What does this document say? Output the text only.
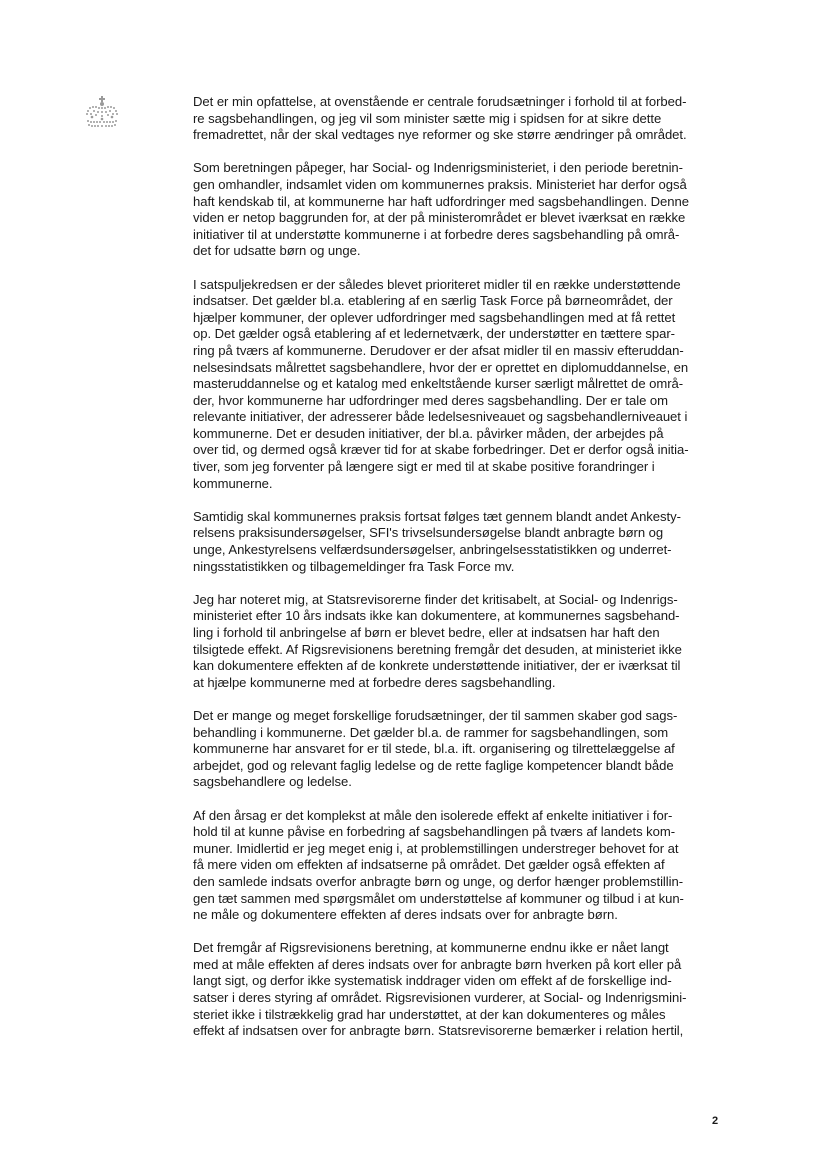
Det er min opfattelse, at ovenstående er centrale forudsætninger i forhold til at forbed-
re sagsbehandlingen, og jeg vil som minister sætte mig i spidsen for at sikre dette
fremadrettet, når der skal vedtages nye reformer og ske større ændringer på området.

Som beretningen påpeger, har Social- og Indenrigsministeriet, i den periode beretnin-
gen omhandler, indsamlet viden om kommunernes praksis. Ministeriet har derfor også
haft kendskab til, at kommunerne har haft udfordringer med sagsbehandlingen. Denne
viden er netop baggrunden for, at der på ministerområdet er blevet iværksat en række
initiativer til at understøtte kommunerne i at forbedre deres sagsbehandling på områ-
det for udsatte børn og unge.

I satspuljekredsen er der således blevet prioriteret midler til en række understøttende
indsatser. Det gælder bl.a. etablering af en særlig Task Force på børneområdet, der
hjælper kommuner, der oplever udfordringer med sagsbehandlingen med at få rettet
op. Det gælder også etablering af et ledernetværk, der understøtter en tættere spar-
ring på tværs af kommunerne. Derudover er der afsat midler til en massiv efteruddan-
nelsesindsats målrettet sagsbehandlere, hvor der er oprettet en diplomuddannelse, en
masteruddannelse og et katalog med enkeltstående kurser særligt målrettet de områ-
der, hvor kommunerne har udfordringer med deres sagsbehandling. Der er tale om
relevante initiativer, der adresserer både ledelsesniveauet og sagsbehandlerniveauet i
kommunerne. Det er desuden initiativer, der bl.a. påvirker måden, der arbejdes på
over tid, og dermed også kræver tid for at skabe forbedringer. Det er derfor også initia-
tiver, som jeg forventer på længere sigt er med til at skabe positive forandringer i
kommunerne.

Samtidig skal kommunernes praksis fortsat følges tæt gennem blandt andet Ankesty-
relsens praksisundersøgelser, SFI's trivselsundersøgelse blandt anbragte børn og
unge, Ankestyrelsens velfærdsundersøgelser, anbringelsesstatistikken og underret-
ningsstatistikken og tilbagemeldinger fra Task Force mv.

Jeg har noteret mig, at Statsrevisorerne finder det kritisabelt, at Social- og Indenrigs-
ministeriet efter 10 års indsats ikke kan dokumentere, at kommunernes sagsbehand-
ling i forhold til anbringelse af børn er blevet bedre, eller at indsatsen har haft den
tilsigtede effekt. Af Rigsrevisionens beretning fremgår det desuden, at ministeriet ikke
kan dokumentere effekten af de konkrete understøttende initiativer, der er iværksat til
at hjælpe kommunerne med at forbedre deres sagsbehandling.

Det er mange og meget forskellige forudsætninger, der til sammen skaber god sags-
behandling i kommunerne. Det gælder bl.a. de rammer for sagsbehandlingen, som
kommunerne har ansvaret for er til stede, bl.a. ift. organisering og tilrettelæggelse af
arbejdet, god og relevant faglig ledelse og de rette faglige kompetencer blandt både
sagsbehandlere og ledelse.

Af den årsag er det komplekst at måle den isolerede effekt af enkelte initiativer i for-
hold til at kunne påvise en forbedring af sagsbehandlingen på tværs af landets kom-
muner. Imidlertid er jeg meget enig i, at problemstillingen understreger behovet for at
få mere viden om effekten af indsatserne på området. Det gælder også effekten af
den samlede indsats overfor anbragte børn og unge, og derfor hænger problemstillin-
gen tæt sammen med spørgsmålet om understøttelse af kommuner og tilbud i at kun-
ne måle og dokumentere effekten af deres indsats over for anbragte børn.

Det fremgår af Rigsrevisionens beretning, at kommunerne endnu ikke er nået langt
med at måle effekten af deres indsats over for anbragte børn hverken på kort eller på
langt sigt, og derfor ikke systematisk inddrager viden om effekt af de forskellige ind-
satser i deres styring af området. Rigsrevisionen vurderer, at Social- og Indenrigsmini-
steriet ikke i tilstrækkelig grad har understøttet, at der kan dokumenteres og måles
effekt af indsatsen over for anbragte børn. Statsrevisorerne bemærker i relation hertil,

2
